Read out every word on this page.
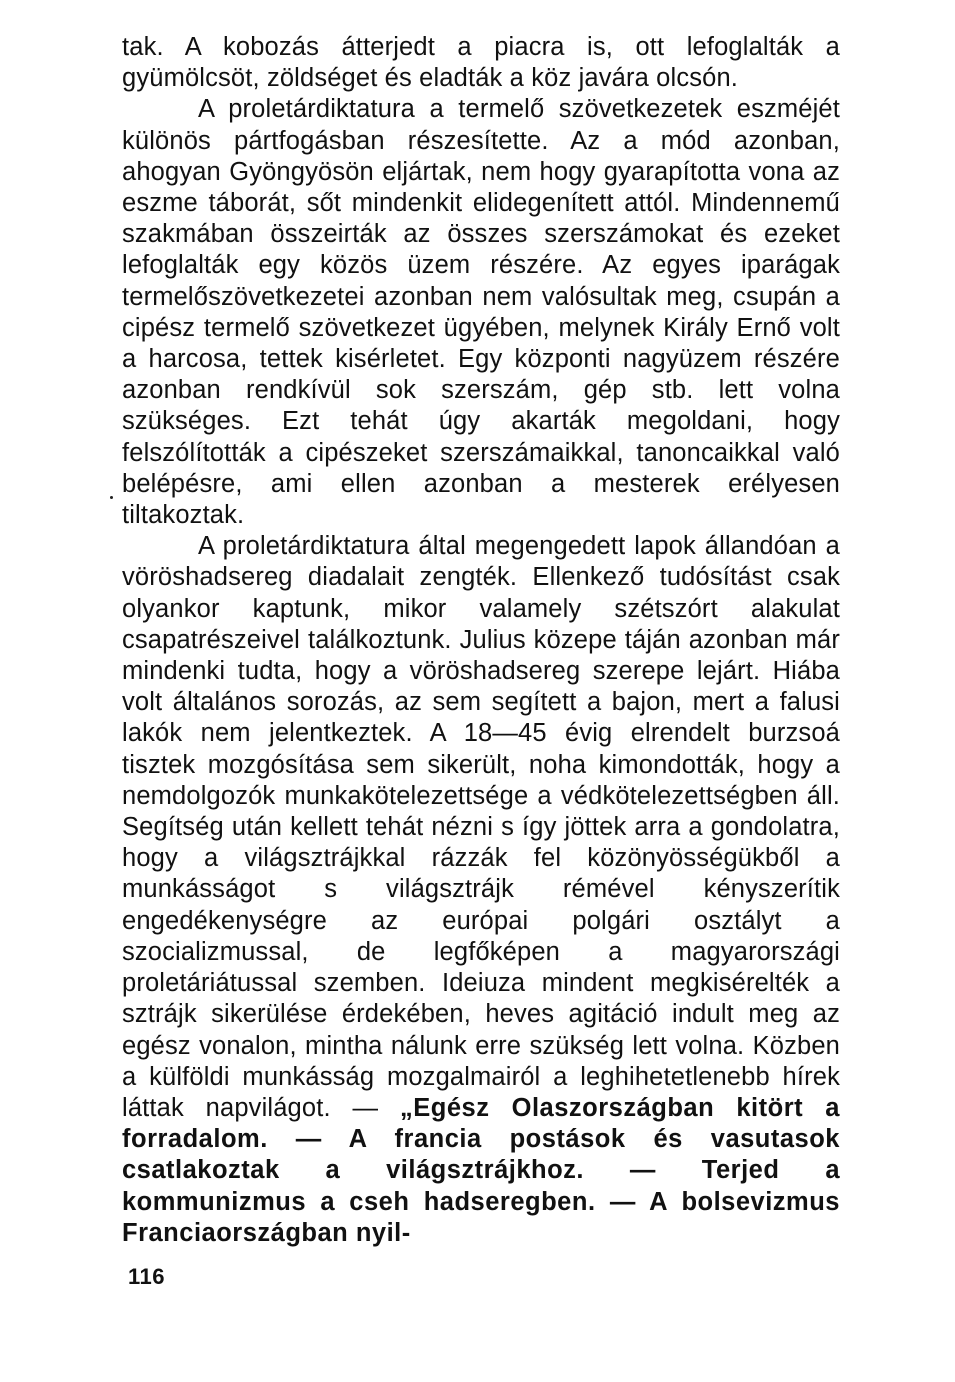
tak. A kobozás átterjedt a piacra is, ott lefoglalták a gyümölcsöt, zöldséget és eladták a köz javára olcsón.

A proletárdiktatura a termelő szövetkezetek eszméjét különös pártfogásban részesítette. Az a mód azonban, ahogyan Gyöngyösön eljártak, nem hogy gyarapította vona az eszme táborát, sőt mindenkit elidegenített attól. Mindennemű szakmában összeirták az összes szerszámokat és ezeket lefoglalták egy közös üzem részére. Az egyes iparágak termelőszövetkezetei azonban nem valósultak meg, csupán a cipész termelő szövetkezet ügyében, melynek Király Ernő volt a harcosa, tettek kisérletet. Egy központi nagyüzem részére azonban rendkívül sok szerszám, gép stb. lett volna szükséges. Ezt tehát úgy akarták megoldani, hogy felszólították a cipészeket szerszámaikkal, tanoncaikkal való belépésre, ami ellen azonban a mesterek erélyesen tiltakoztak.

A proletárdiktatura által megengedett lapok állandóan a vöröshadsereg diadalait zengték. Ellenkező tudósítást csak olyankor kaptunk, mikor valamely szétszórt alakulat csapatrészeivel találkoztunk. Julius közepe táján azonban már mindenki tudta, hogy a vöröshadsereg szerepe lejárt. Hiába volt általános sorozás, az sem segített a bajon, mert a falusi lakók nem jelentkeztek. A 18—45 évig elrendelt burzsoá tisztek mozgósítása sem sikerült, noha kimondották, hogy a nemdolgozók munkakötelezettsége a védkötelezettségben áll. Segítség után kellett tehát nézni s így jöttek arra a gondolatra, hogy a világsztrájkkal rázzák fel közönyösségükből a munkásságot s világsztrájk rémével kényszerítik engedékenységre az európai polgári osztályt a szocializmussal, de legfőképen a magyarországi proletáriátussal szemben. Ideiuza mindent megkisérelték a sztrájk sikerülése érdekében, heves agitáció indult meg az egész vonalon, mintha nálunk erre szükség lett volna. Közben a külföldi munkásság mozgalmairól a leghihetetlenebb hírek láttak napvilágot. — „Egész Olaszországban kitört a forradalom. — A francia postások és vasutasok csatlakoztak a világsztrájkhoz. — Terjed a kommunizmus a cseh hadseregben. — A bolsevizmus Franciaországban nyil-

116
